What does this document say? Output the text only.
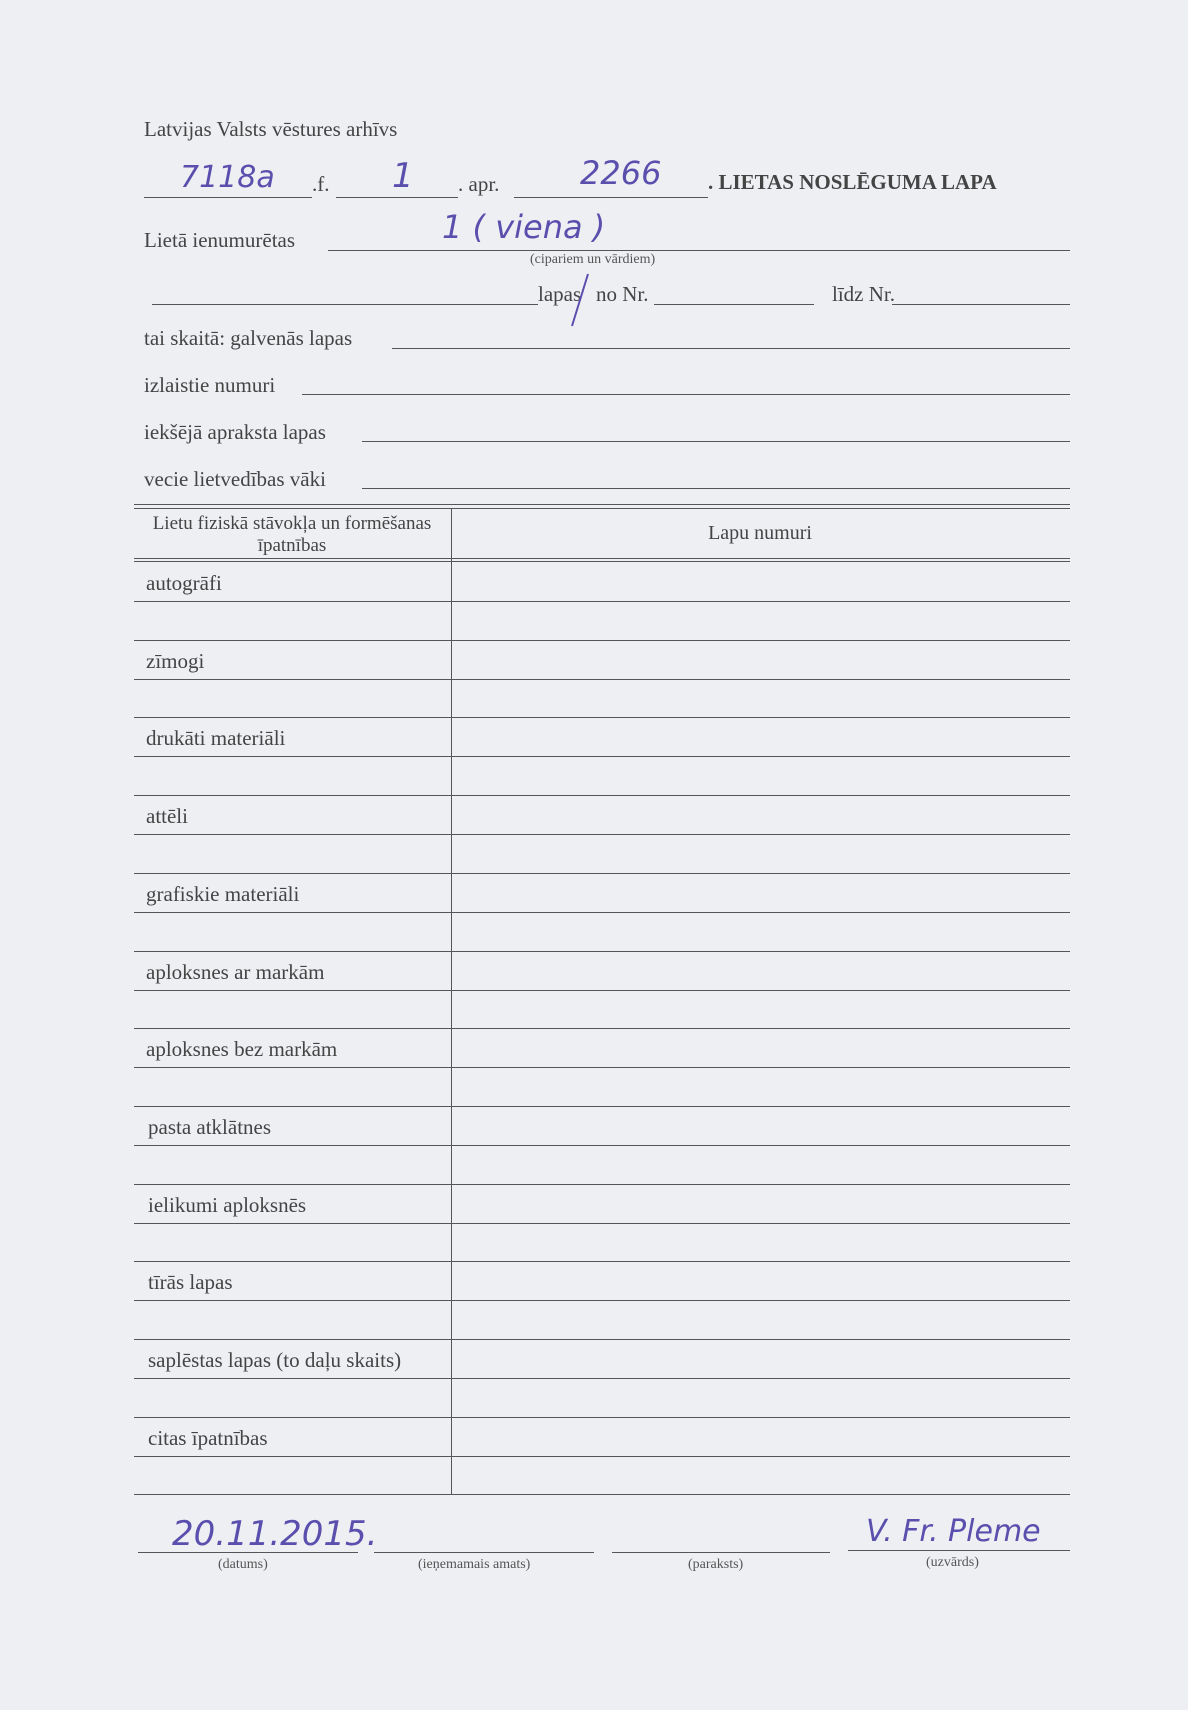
Latvijas Valsts vēstures arhīvs
7118a .f. 1 . apr.	2266 . LIETAS NOSLĒGUMA LAPA
Lietā ienumurētas	1 ( viena )
(cipariem un vārdiem)
lapas no Nr.	līdz Nr.
tai skaitā: galvenās lapas
izlaistie numuri
iekšējā apraksta lapas
vecie lietvedības vāki
Lietu fiziskā stāvokļa un formēšanas īpatnības
Lapu numuri
autogrāfi
zīmogi
drukāti materiāli
attēli
grafiskie materiāli
aploksnes ar markām
aploksnes bez markām
pasta atklātnes
ielikumi aploksnēs
tīrās lapas
saplēstas lapas (to daļu skaits)
citas īpatnības
20.11.2015.
(datums)	(ieņemamais amats)	(paraksts)
V. Fr. Pleme
(uzvārds)
